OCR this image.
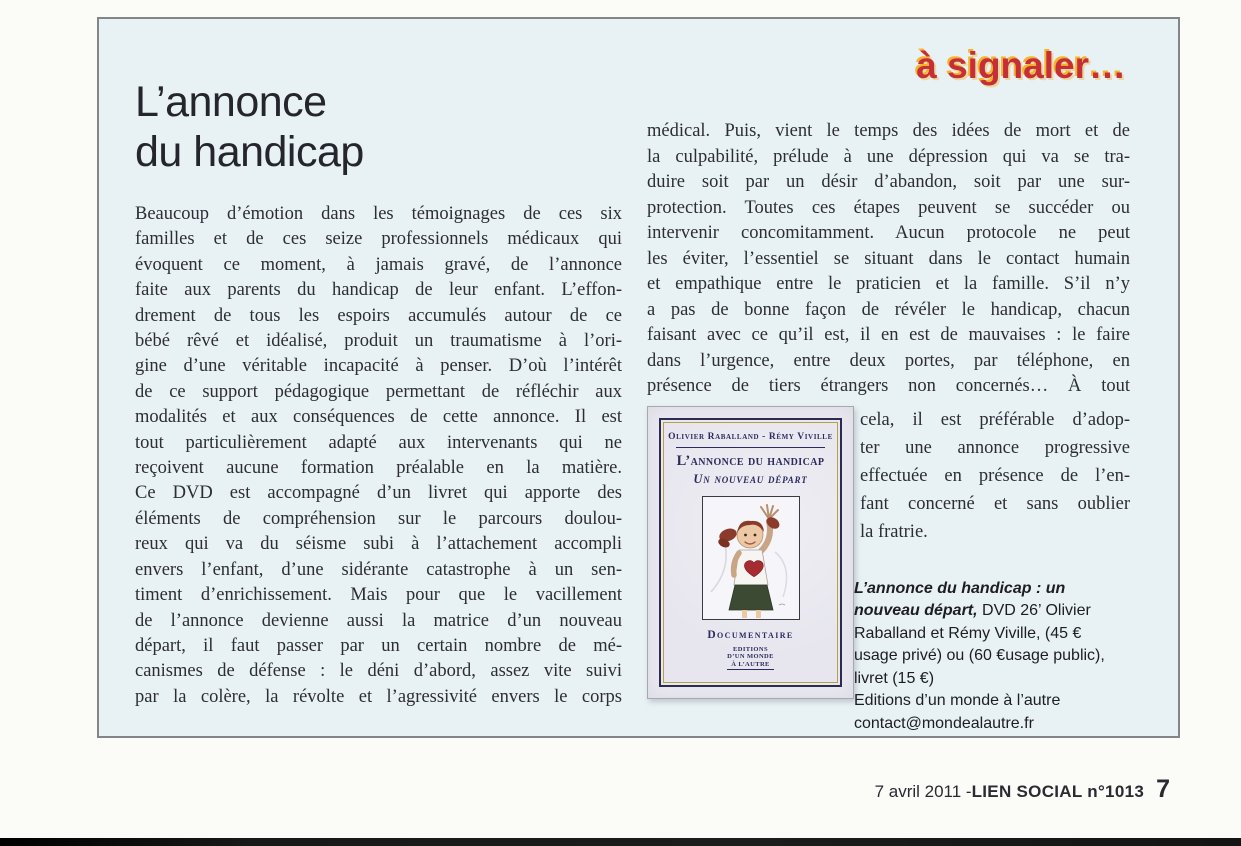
à signaler…
L’annonce
du handicap
Beaucoup d’émotion dans les témoignages de ces six
familles et de ces seize professionnels médicaux qui
évoquent ce moment, à jamais gravé, de l’annonce
faite aux parents du handicap de leur enfant. L’effon-
drement de tous les espoirs accumulés autour de ce
bébé rêvé et idéalisé, produit un traumatisme à l’ori-
gine d’une véritable incapacité à penser. D’où l’intérêt
de ce support pédagogique permettant de réfléchir aux
modalités et aux conséquences de cette annonce. Il est
tout particulièrement adapté aux intervenants qui ne
reçoivent aucune formation préalable en la matière.
Ce DVD est accompagné d’un livret qui apporte des
éléments de compréhension sur le parcours doulou-
reux qui va du séisme subi à l’attachement accompli
envers l’enfant, d’une sidérante catastrophe à un sen-
timent d’enrichissement. Mais pour que le vacillement
de l’annonce devienne aussi la matrice d’un nouveau
départ, il faut passer par un certain nombre de mé-
canismes de défense : le déni d’abord, assez vite suivi
par la colère, la révolte et l’agressivité envers le corps
médical. Puis, vient le temps des idées de mort et de
la culpabilité, prélude à une dépression qui va se tra-
duire soit par un désir d’abandon, soit par une sur-
protection. Toutes ces étapes peuvent se succéder ou
intervenir concomitamment. Aucun protocole ne peut
les éviter, l’essentiel se situant dans le contact humain
et empathique entre le praticien et la famille. S’il n’y
a pas de bonne façon de révéler le handicap, chacun
faisant avec ce qu’il est, il en est de mauvaises : le faire
dans l’urgence, entre deux portes, par téléphone, en
présence de tiers étrangers non concernés… À tout
Olivier Raballand - Rémy Viville
L’annonce du handicap
Un nouveau départ
Documentaire
EDITIONS
D’UN MONDE
À L’AUTRE
cela, il est préférable d’adop-
ter une annonce progressive
effectuée en présence de l’en-
fant concerné et sans oublier
la fratrie.
L’annonce du handicap : un nouveau départ, DVD 26’ Olivier Raballand et Rémy Viville, (45 € usage privé) ou (60 €usage public), livret (15 €)
Editions d’un monde à l’autre
contact@mondealautre.fr
7 avril 2011 - LIEN SOCIAL n°1013 7
